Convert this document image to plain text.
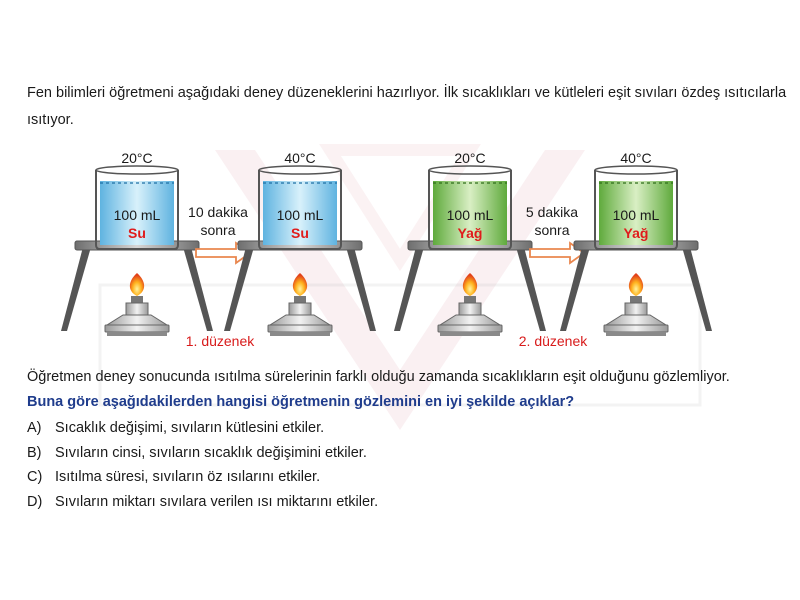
Fen bilimleri öğretmeni aşağıdaki deney düzeneklerini hazırlıyor. İlk sıcaklıkları ve kütleleri eşit sıvıları özdeş ısıtıcılarla ısıtıyor.
20°C
100 mL
Su
10 dakika
sonra
40°C
100 mL
Su
1. düzenek
20°C
100 mL
Yağ
5 dakika
sonra
40°C
100 mL
Yağ
2. düzenek
Öğretmen deney sonucunda ısıtılma sürelerinin farklı olduğu zamanda sıcaklıkların eşit olduğunu gözlemliyor.
Buna göre aşağıdakilerden hangisi öğretmenin gözlemini en iyi şekilde açıklar?
A) Sıcaklık değişimi, sıvıların kütlesini etkiler.
B) Sıvıların cinsi, sıvıların sıcaklık değişimini etkiler.
C) Isıtılma süresi, sıvıların öz ısılarını etkiler.
D) Sıvıların miktarı sıvılara verilen ısı miktarını etkiler.
